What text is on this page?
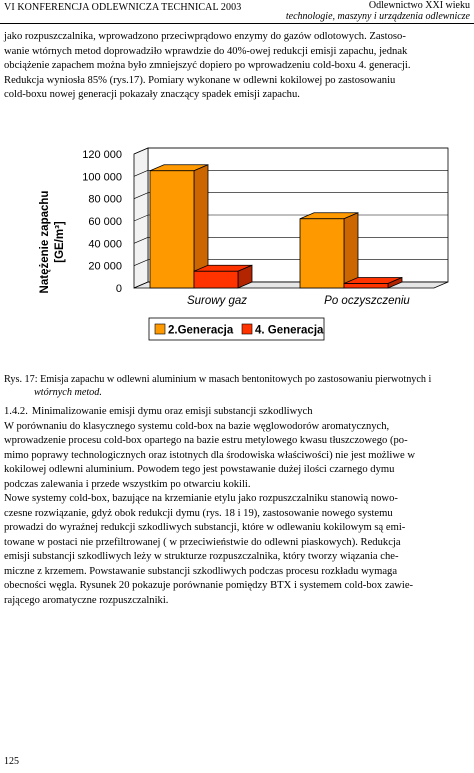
VI KONFERENCJA ODLEWNICZA TECHNICAL 2003	Odlewnictwo XXI wieku
technologie, maszyny i urządzenia odlewnicze

jako rozpuszczalnika, wprowadzono przeciwprądowo enzymy do gazów odlotowych. Zastoso-

wanie wtórnych metod doprowadziło wprawdzie do 40%-owej redukcji emisji zapachu, jednak

obciążenie zapachem można było zmniejszyć dopiero po wprowadzeniu cold-boxu 4. generacji.

Redukcja wyniosła 85% (rys.17). Pomiary wykonane w odlewni kokilowej po zastosowaniu

cold-boxu nowej generacji pokazały znaczący spadek emisji zapachu.

Natężenie zapachu [GE/m³]
0
20 000
40 000
60 000
80 000
100 000
120 000
Surowy gaz	Po oczyszczeniu
2.Generacja 4. Generacja
Rys. 17: Emisja zapachu w odlewni aluminium w masach bentonitowych po zastosowaniu pierwotnych i
wtórnych metod.

1.4.2. Minimalizowanie emisji dymu oraz emisji substancji szkodliwych

W porównaniu do klasycznego systemu cold-box na bazie węglowodorów aromatycznych,

wprowadzenie procesu cold-box opartego na bazie estru metylowego kwasu tłuszczowego (po-

mimo poprawy technologicznych oraz istotnych dla środowiska właściwości) nie jest możliwe w

kokilowej odlewni aluminium. Powodem tego jest powstawanie dużej ilości czarnego dymu

podczas zalewania i przede wszystkim po otwarciu kokili.

Nowe systemy cold-box, bazujące na krzemianie etylu jako rozpuszczalniku stanowią nowo-

czesne rozwiązanie, gdyż obok redukcji dymu (rys. 18 i 19), zastosowanie nowego systemu

prowadzi do wyraźnej redukcji szkodliwych substancji, które w odlewaniu kokilowym są emi-

towane w postaci nie przefiltrowanej ( w przeciwieństwie do odlewni piaskowych). Redukcja

emisji substancji szkodliwych leży w strukturze rozpuszczalnika, który tworzy wiązania che-

miczne z krzemem. Powstawanie substancji szkodliwych podczas procesu rozkładu wymaga

obecności węgla. Rysunek 20 pokazuje porównanie pomiędzy BTX i systemem cold-box zawie-

rającego aromatyczne rozpuszczalniki.

125
